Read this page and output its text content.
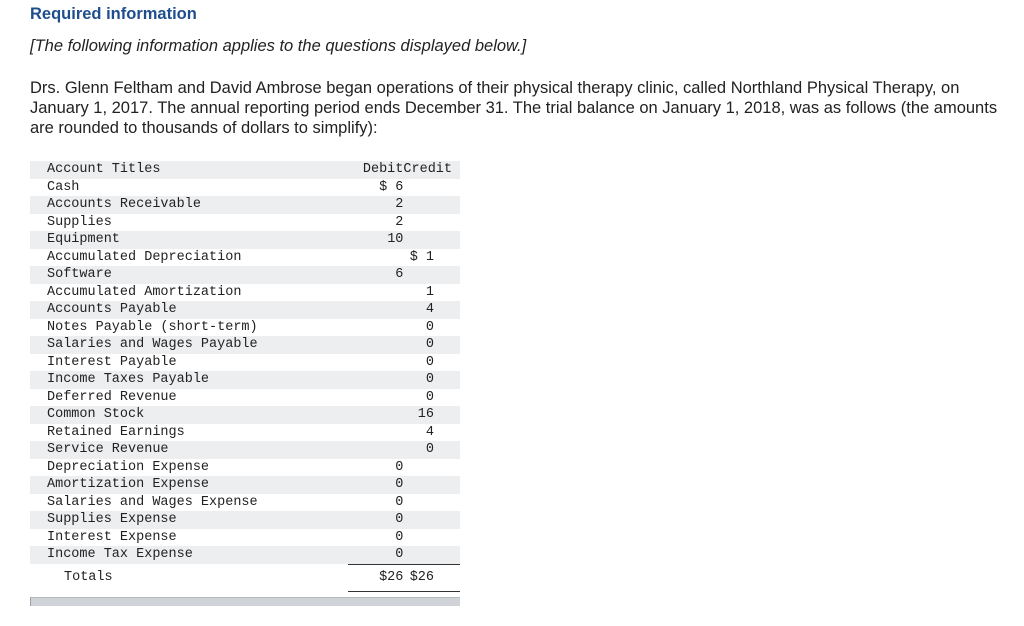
Required information
[The following information applies to the questions displayed below.]
Drs. Glenn Feltham and David Ambrose began operations of their physical therapy clinic, called Northland Physical Therapy, on January 1, 2017. The annual reporting period ends December 31. The trial balance on January 1, 2018, was as follows (the amounts are rounded to thousands of dollars to simplify):
Account Titles	Debit	Credit
Cash	$ 6	
Accounts Receivable	2	
Supplies	2	
Equipment	10	
Accumulated Depreciation		$ 1
Software	6	
Accumulated Amortization		1
Accounts Payable		4
Notes Payable (short-term)		0
Salaries and Wages Payable		0
Interest Payable		0
Income Taxes Payable		0
Deferred Revenue		0
Common Stock		16
Retained Earnings		4
Service Revenue		0
Depreciation Expense	0	
Amortization Expense	0	
Salaries and Wages Expense	0	
Supplies Expense	0	
Interest Expense	0	
Income Tax Expense	0	
Totals	$26	$26
